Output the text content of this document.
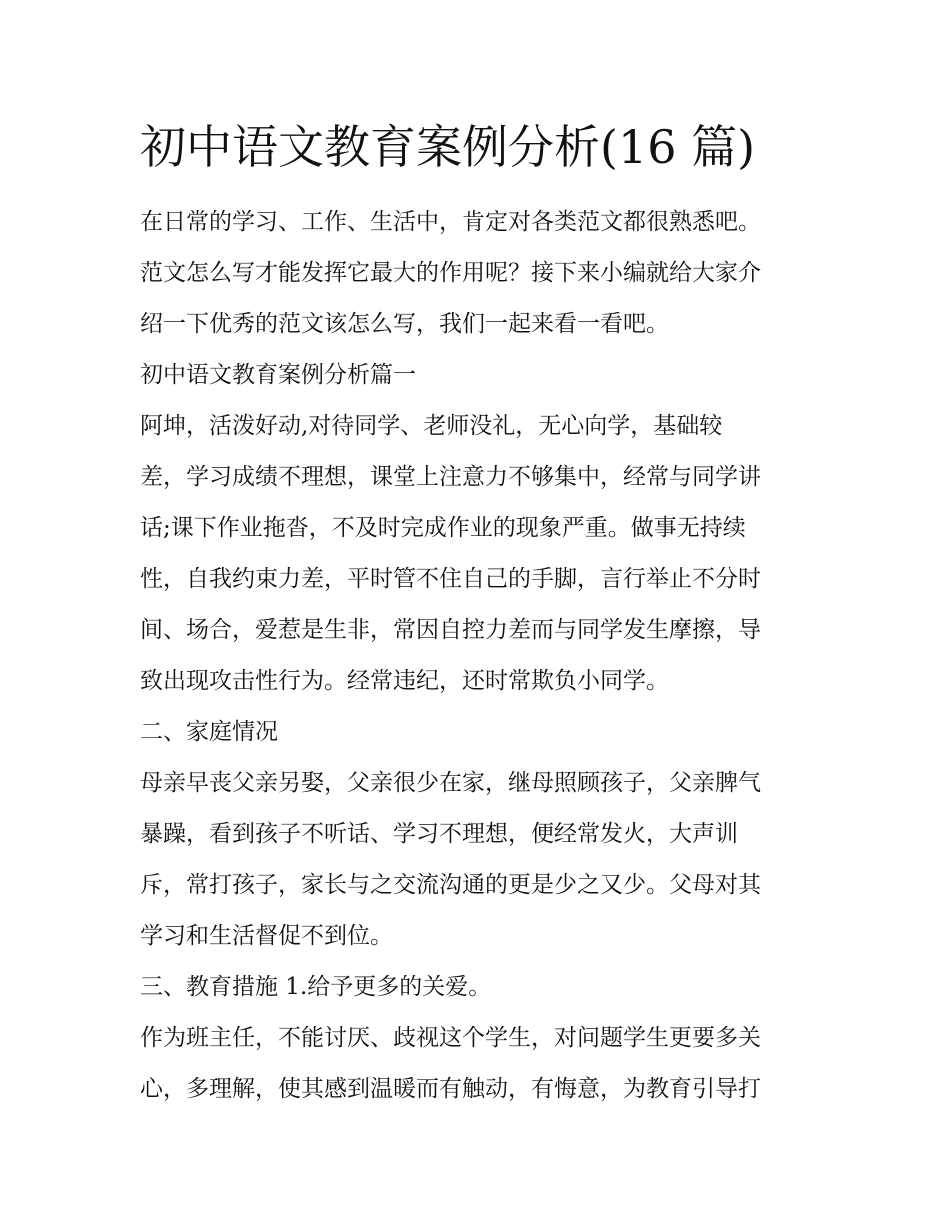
初中语文教育案例分析(16 篇)

在日常的学习、工作、生活中，肯定对各类范文都很熟悉吧。

范文怎么写才能发挥它最大的作用呢？接下来小编就给大家介

绍一下优秀的范文该怎么写，我们一起来看一看吧。

初中语文教育案例分析篇一

阿坤，活泼好动,对待同学、老师没礼，无心向学，基础较

差，学习成绩不理想，课堂上注意力不够集中，经常与同学讲

话;课下作业拖沓，不及时完成作业的现象严重。做事无持续

性，自我约束力差，平时管不住自己的手脚，言行举止不分时

间、场合，爱惹是生非，常因自控力差而与同学发生摩擦，导

致出现攻击性行为。经常违纪，还时常欺负小同学。

二、家庭情况

母亲早丧父亲另娶，父亲很少在家，继母照顾孩子，父亲脾气

暴躁，看到孩子不听话、学习不理想，便经常发火，大声训

斥，常打孩子，家长与之交流沟通的更是少之又少。父母对其

学习和生活督促不到位。

三、教育措施 1.给予更多的关爱。

作为班主任，不能讨厌、歧视这个学生，对问题学生更要多关

心，多理解，使其感到温暖而有触动，有悔意，为教育引导打
